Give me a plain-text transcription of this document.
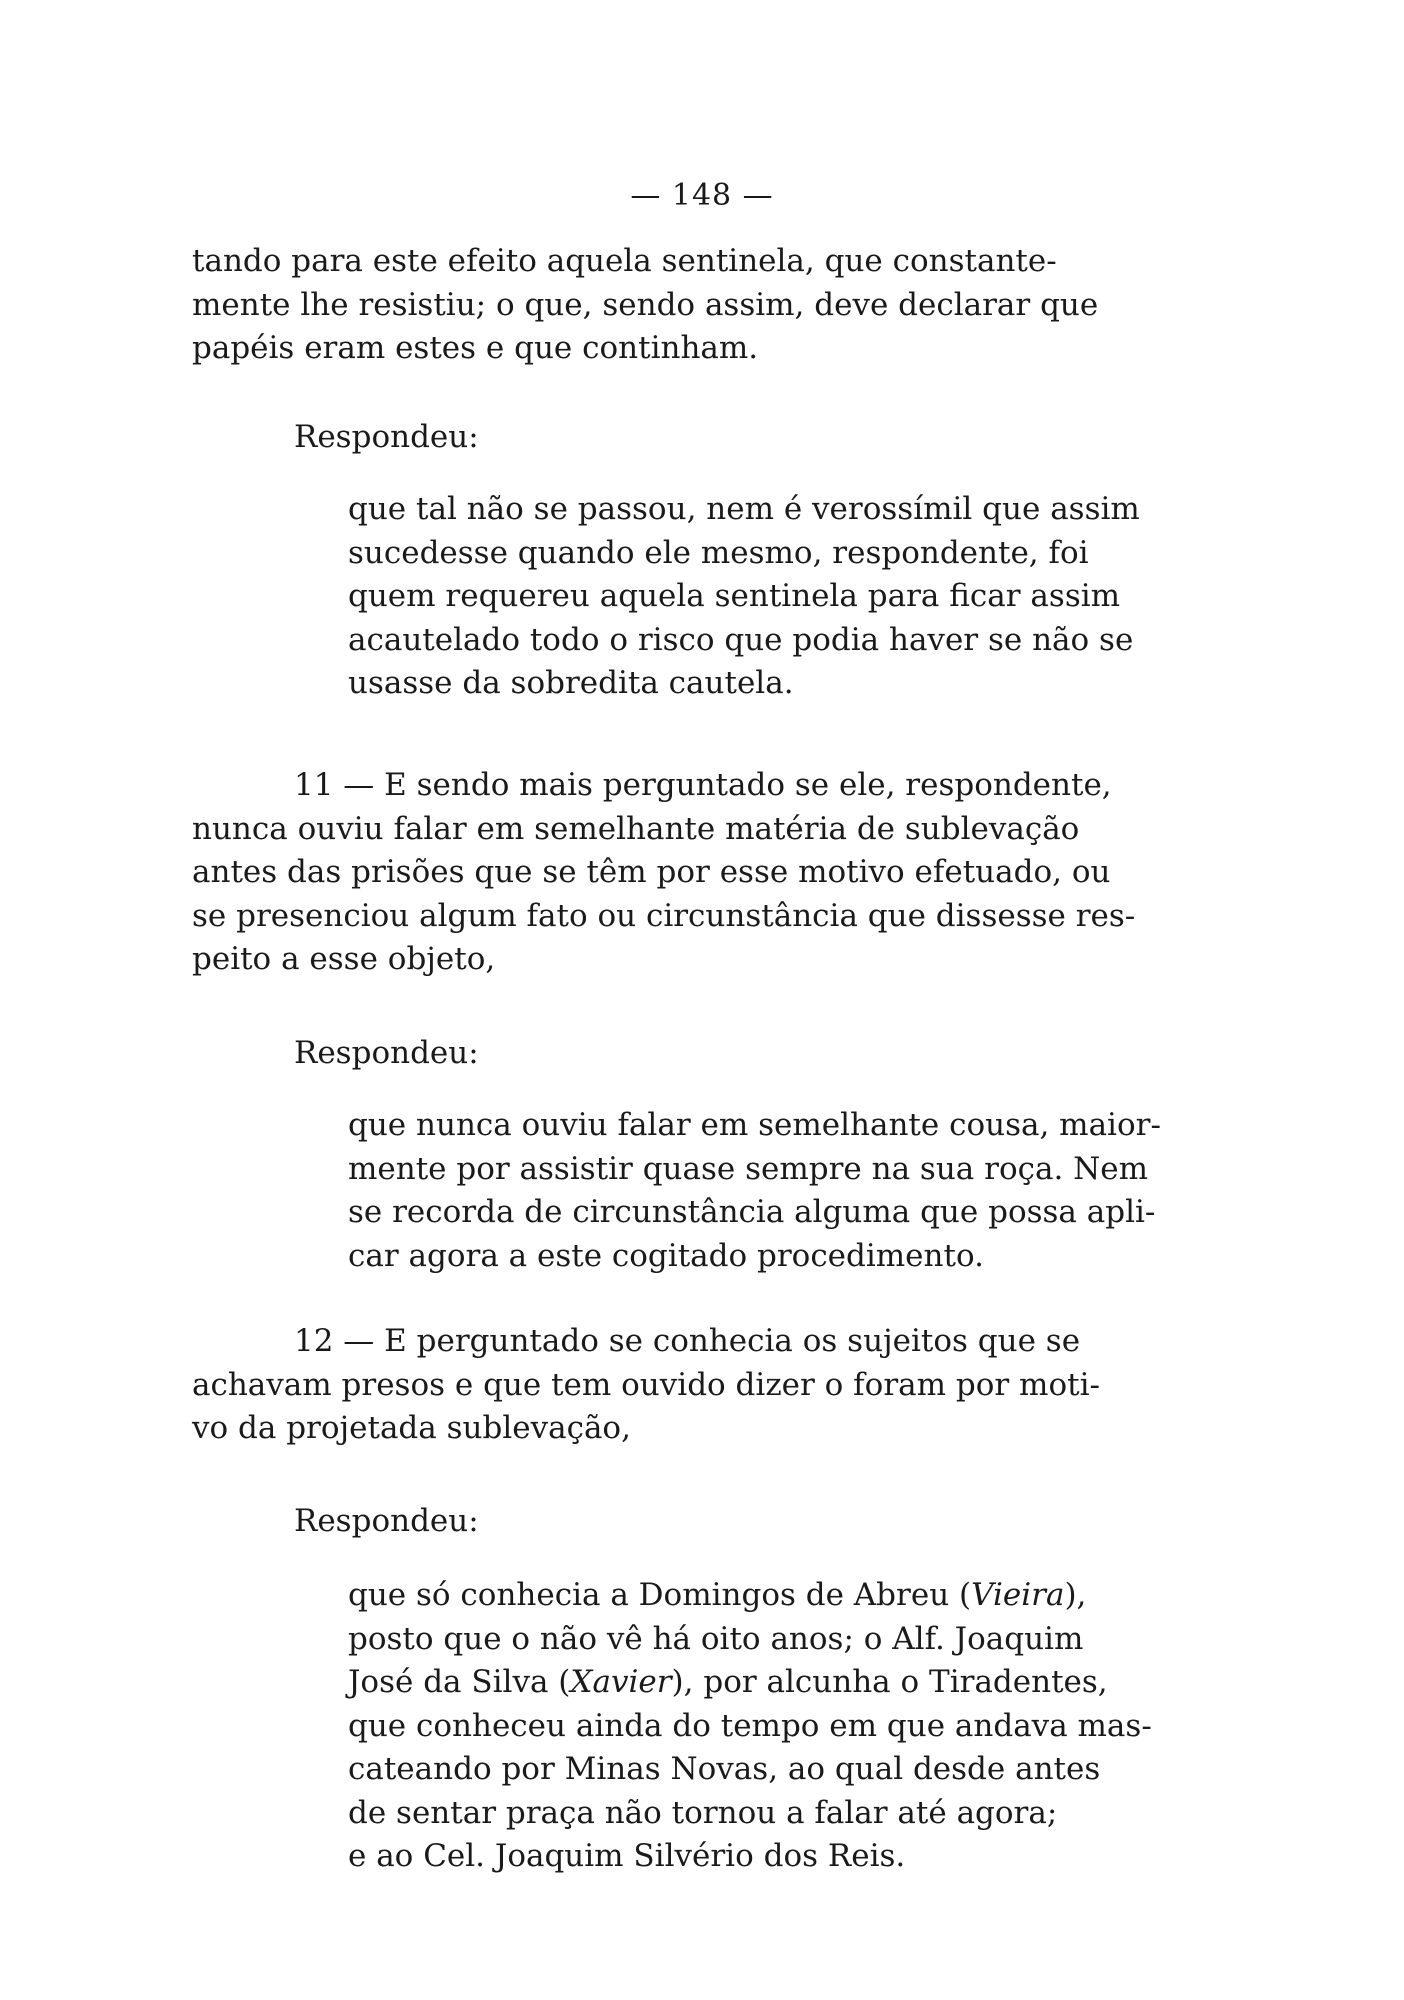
— 148 —
tando para este efeito aquela sentinela, que constante-
mente lhe resistiu; o que, sendo assim, deve declarar que
papéis eram estes e que continham.
Respondeu:
que tal não se passou, nem é verossímil que assim
sucedesse quando ele mesmo, respondente, foi
quem requereu aquela sentinela para ficar assim
acautelado todo o risco que podia haver se não se
usasse da sobredita cautela.
11 — E sendo mais perguntado se ele, respondente,
nunca ouviu falar em semelhante matéria de sublevação
antes das prisões que se têm por esse motivo efetuado, ou
se presenciou algum fato ou circunstância que dissesse res-
peito a esse objeto,
Respondeu:
que nunca ouviu falar em semelhante cousa, maior-
mente por assistir quase sempre na sua roça. Nem
se recorda de circunstância alguma que possa apli-
car agora a este cogitado procedimento.
12 — E perguntado se conhecia os sujeitos que se
achavam presos e que tem ouvido dizer o foram por moti-
vo da projetada sublevação,
Respondeu:
que só conhecia a Domingos de Abreu (Vieira),
posto que o não vê há oito anos; o Alf. Joaquim
José da Silva (Xavier), por alcunha o Tiradentes,
que conheceu ainda do tempo em que andava mas-
cateando por Minas Novas, ao qual desde antes
de sentar praça não tornou a falar até agora;
e ao Cel. Joaquim Silvério dos Reis.
